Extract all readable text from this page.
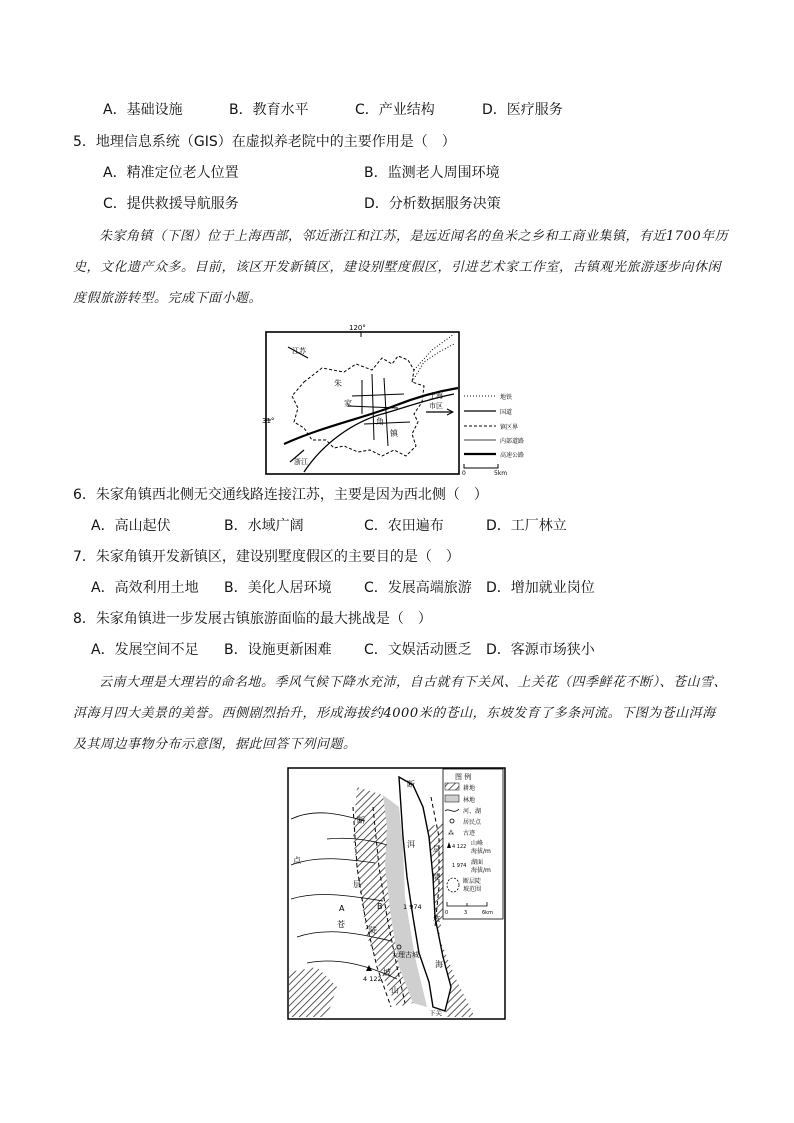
A．基础设施	B．教育水平	C．产业结构	D．医疗服务
5．地理信息系统（GIS）在虚拟养老院中的主要作用是（　）
A．精准定位老人位置	B．监测老人周围环境
C．提供救援导航服务	D．分析数据服务决策
朱家角镇（下图）位于上海西部，邻近浙江和江苏，是远近闻名的鱼米之乡和工商业集镇，有近1700年历史，文化遗产众多。目前，该区开发新镇区，建设别墅度假区，引进艺术家工作室，古镇观光旅游逐步向休闲度假旅游转型。完成下面小题。
120°
31°
江苏
浙江
上海
市区
朱
家
角
镇
地铁
国道
镇区界
内部道路
高速公路
0	5km
6．朱家角镇西北侧无交通线路连接江苏，主要是因为西北侧（　）
A．高山起伏	B．水域广阔	C．农田遍布	D．工厂林立
7．朱家角镇开发新镇区，建设别墅度假区的主要目的是（　）
A．高效利用土地 B．美化人居环境 C．发展高端旅游 D．增加就业岗位
8．朱家角镇进一步发展古镇旅游面临的最大挑战是（　）
A．发展空间不足 B．设施更新困难 C．文娱活动匮乏 D．客源市场狭小
云南大理是大理岩的命名地。季风气候下降水充沛，自古就有下关风、上关花（四季鲜花不断）、苍山雪、洱海月四大美景的美誉。西侧剧烈抬升，形成海拔约4000米的苍山，东坡发育了多条河流。下图为苍山洱海及其周边事物分布示意图，据此回答下列问题。
断
断
点
层
苍
陡
A	B
洱
海
层
陡
坡
1 974
大理古城
坡
山
4 122
下关
图 例
耕地
林地
河、湖
居民点
⁂ 古迹
4 122 山峰
海拔/m
1 974 湖面
海拔/m
断层陡
坡范围
0	3	6km
